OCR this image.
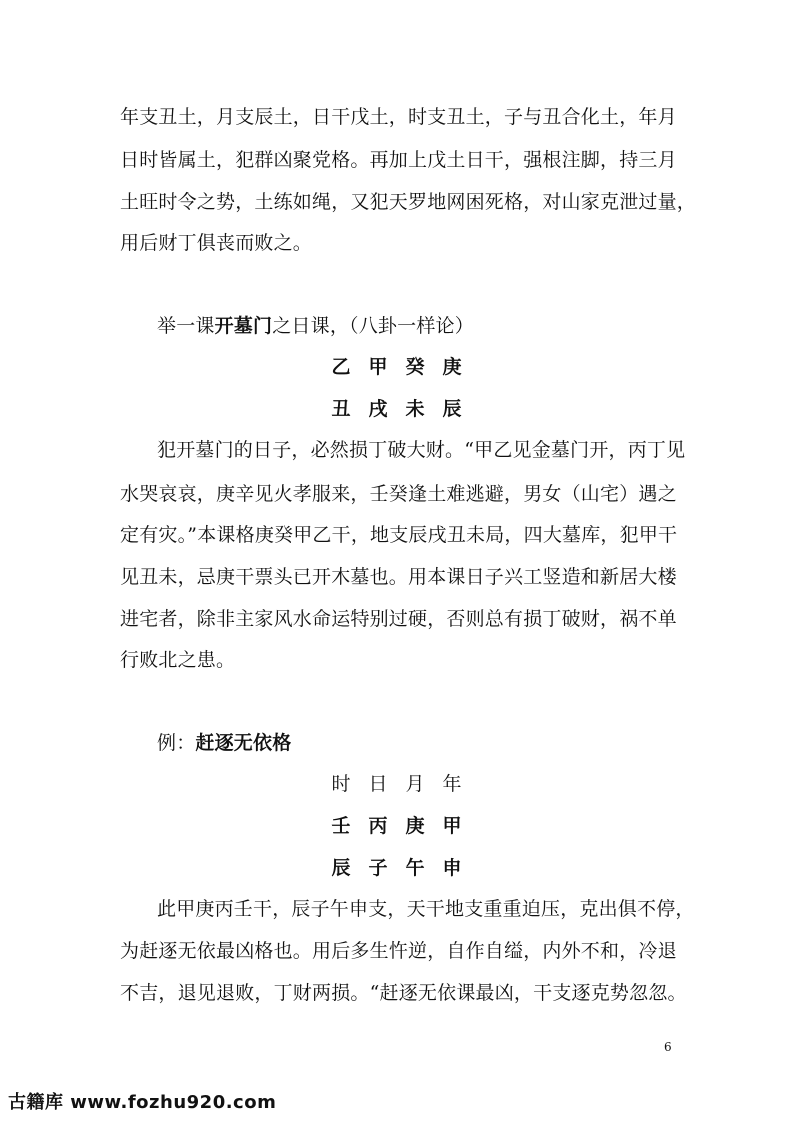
年支丑土，月支辰土，日干戊土，时支丑土，子与丑合化土，年月
日时皆属土，犯群凶聚党格。再加上戊土日干，强根注脚，持三月
土旺时令之势，土练如绳，又犯天罗地网困死格，对山家克泄过量，
用后财丁俱丧而败之。
举一课开墓门之日课，（八卦一样论）
乙 甲 癸 庚
丑 戌 未 辰
犯开墓门的日子，必然损丁破大财。“甲乙见金墓门开，丙丁见
水哭哀哀，庚辛见火孝服来，壬癸逢土难逃避，男女（山宅）遇之
定有灾。”本课格庚癸甲乙干，地支辰戌丑未局，四大墓库，犯甲干
见丑未，忌庚干票头已开木墓也。用本课日子兴工竖造和新居大楼
进宅者，除非主家风水命运特别过硬，否则总有损丁破财，祸不单
行败北之患。
例：赶逐无依格
时 日 月 年
壬 丙 庚 甲
辰 子 午 申
此甲庚丙壬干，辰子午申支，天干地支重重迫压，克出俱不停，
为赶逐无依最凶格也。用后多生忤逆，自作自缢，内外不和，冷退
不吉，退见退败，丁财两损。“赶逐无依课最凶，干支逐克势忽忽。
6
古籍库 www.fozhu920.com
